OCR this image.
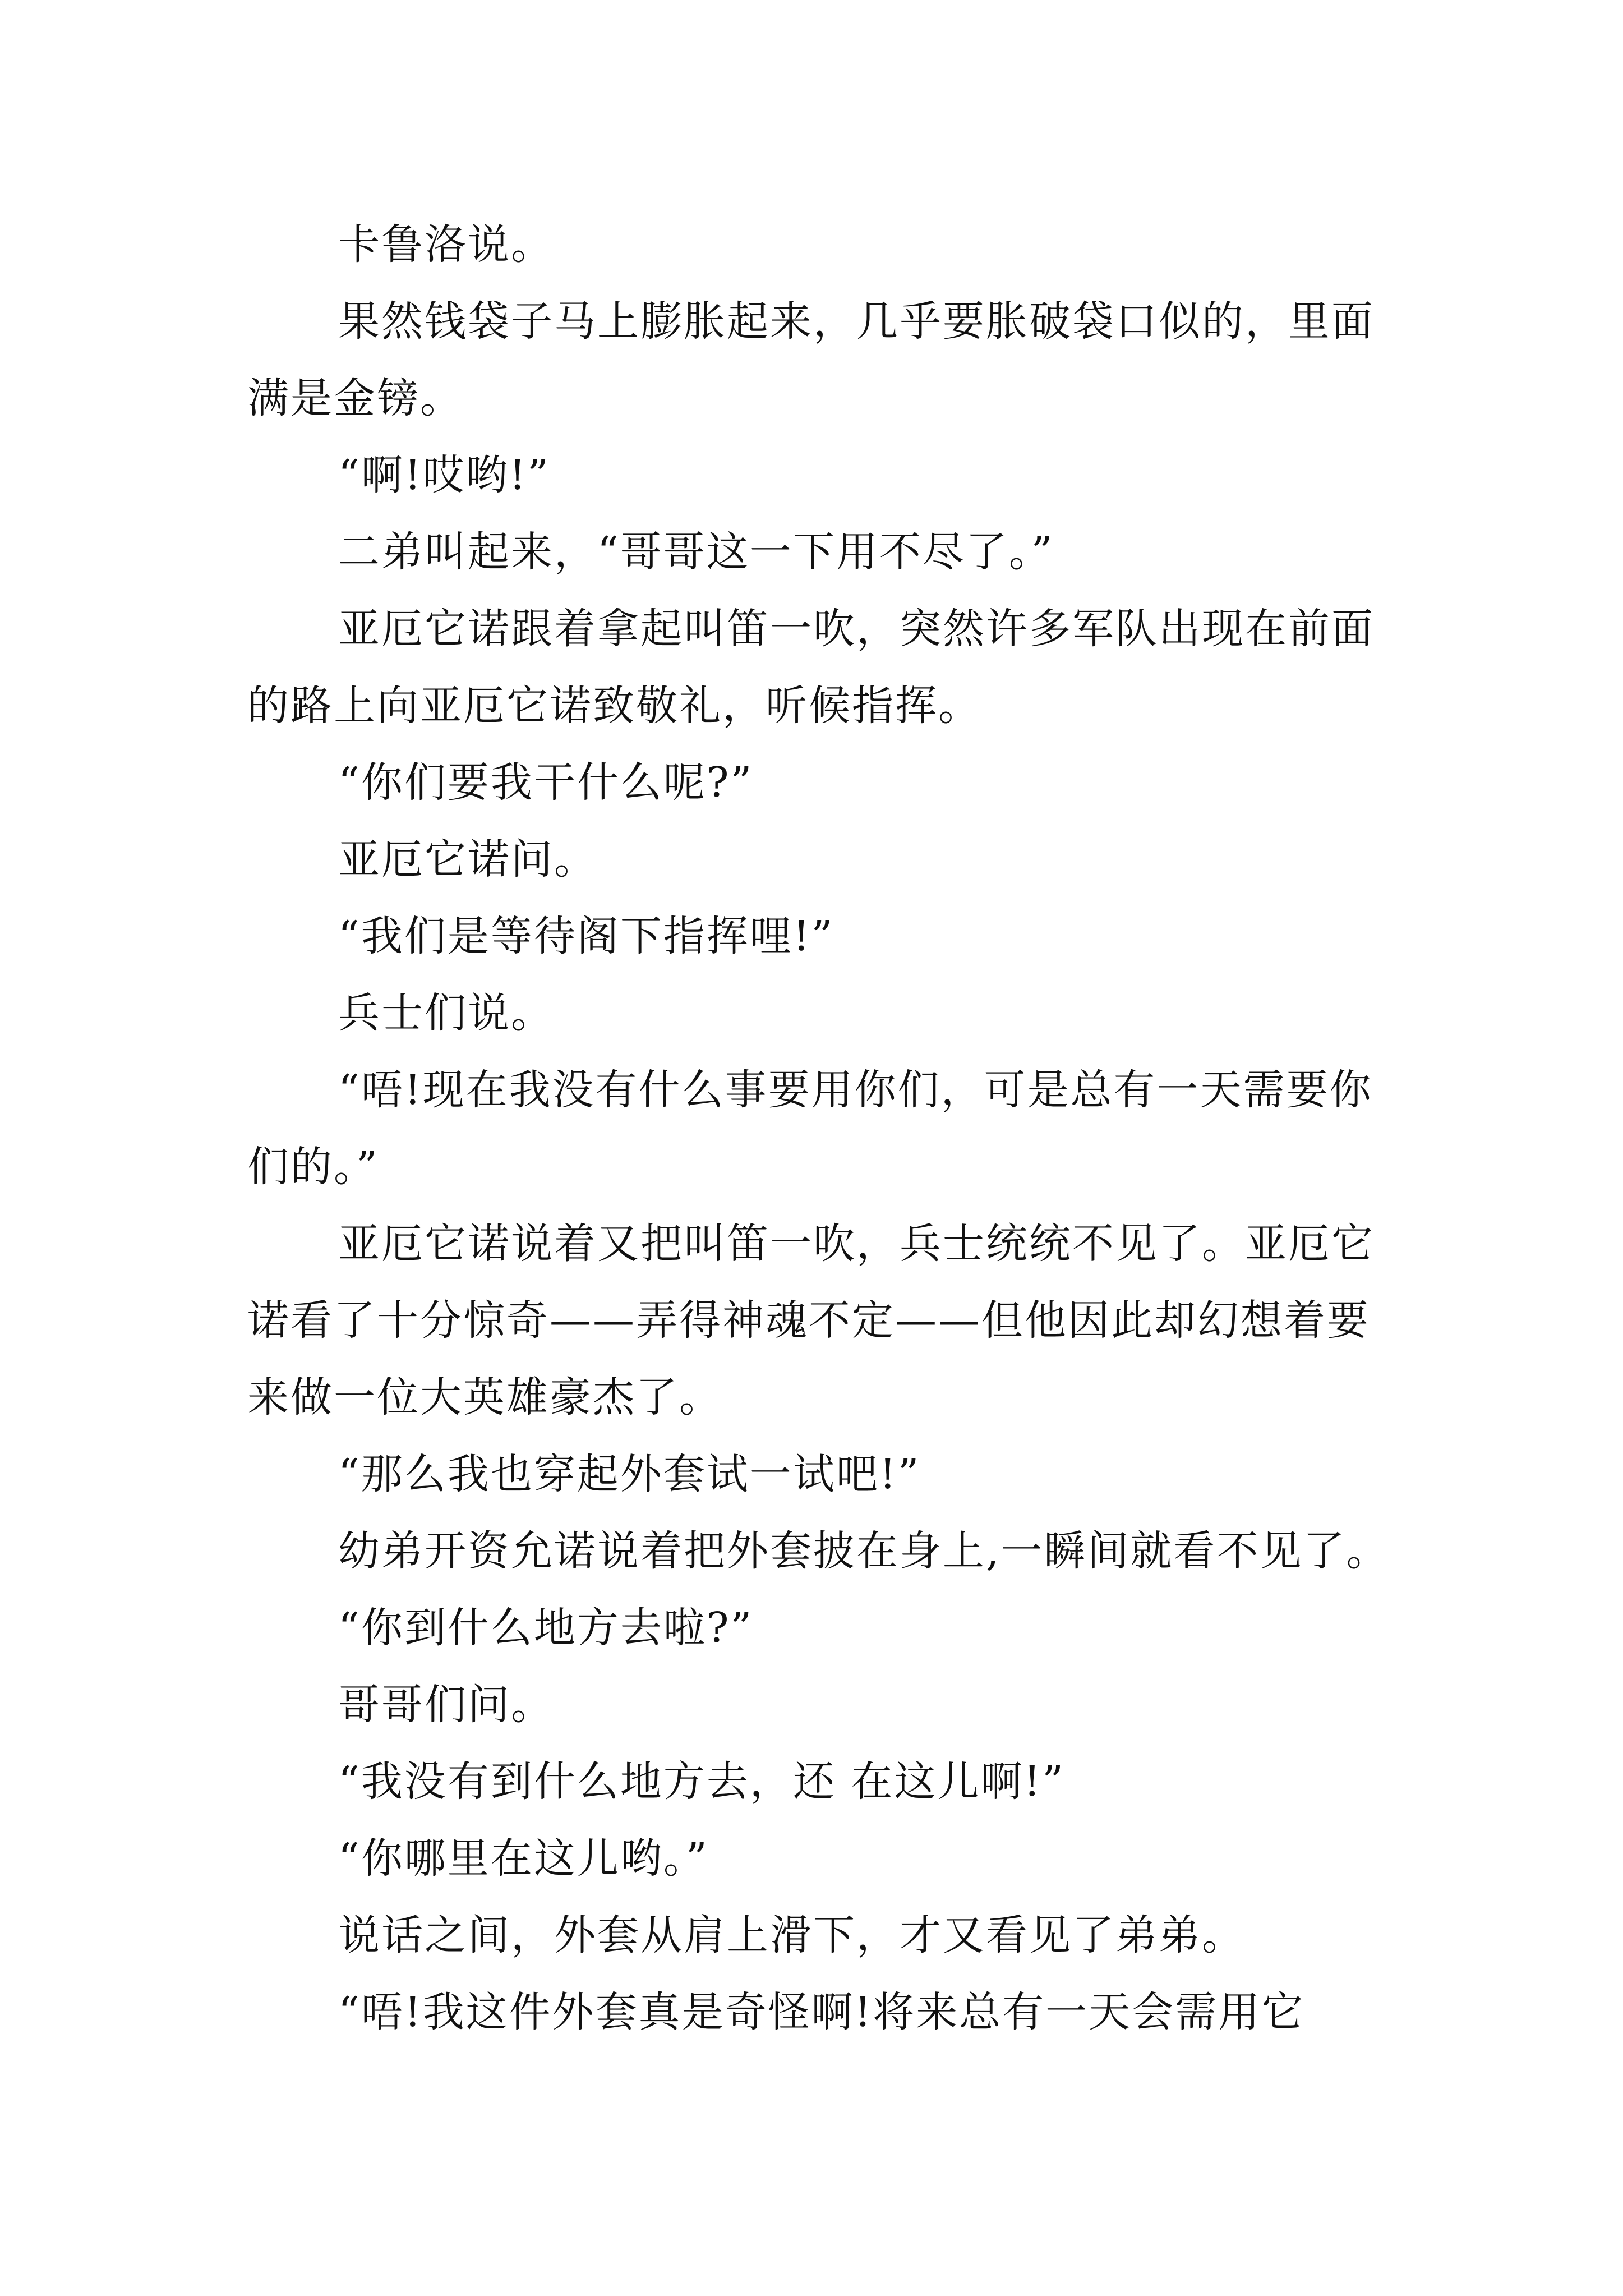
卡鲁洛说。

果然钱袋子马上膨胀起来，几乎要胀破袋口似的，里面满是金镑。

“啊!哎哟!”

二弟叫起来，“哥哥这一下用不尽了。”

亚厄它诺跟着拿起叫笛一吹，突然许多军队出现在前面的路上向亚厄它诺致敬礼，听候指挥。

“你们要我干什么呢?”

亚厄它诺问。

“我们是等待阁下指挥哩!”

兵士们说。

“唔!现在我没有什么事要用你们，可是总有一天需要你们的。”

亚厄它诺说着又把叫笛一吹，兵士统统不见了。亚厄它诺看了十分惊奇——弄得神魂不定——但他因此却幻想着要来做一位大英雄豪杰了。

“那么我也穿起外套试一试吧!”

幼弟开资允诺说着把外套披在身上,一瞬间就看不见了。

“你到什么地方去啦?”

哥哥们问。

“我没有到什么地方去，还 在这儿啊!”

“你哪里在这儿哟。”

说话之间，外套从肩上滑下，才又看见了弟弟。

“唔!我这件外套真是奇怪啊!将来总有一天会需用它
